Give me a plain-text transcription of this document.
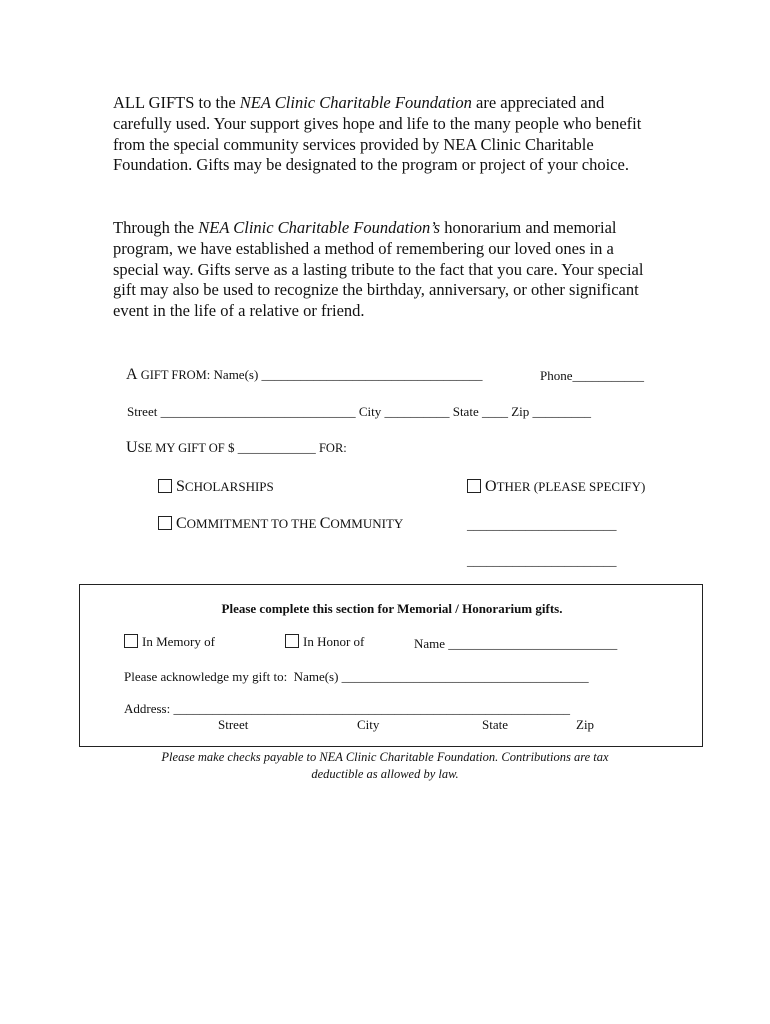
ALL GIFTS to the NEA Clinic Charitable Foundation are appreciated and carefully used. Your support gives hope and life to the many people who benefit from the special community services provided by NEA Clinic Charitable Foundation. Gifts may be designated to the program or project of your choice.
Through the NEA Clinic Charitable Foundation’s honorarium and memorial program, we have established a method of remembering our loved ones in a special way. Gifts serve as a lasting tribute to the fact that you care. Your special gift may also be used to recognize the birthday, anniversary, or other significant event in the life of a relative or friend.
A GIFT FROM: Name(s) __________________________________	Phone___________
Street ______________________________ City __________ State ____ Zip _________
USE MY GIFT OF $ ____________ FOR:
SCHOLARSHIPS
COMMITMENT TO THE COMMUNITY
OTHER (PLEASE SPECIFY)
_______________________
_______________________
Please complete this section for Memorial / Honorarium gifts.
In Memory of	In Honor of	Name __________________________
Please acknowledge my gift to:  Name(s) ______________________________________
Address: _____________________________________________________________
Street	City	State	Zip
Please make checks payable to NEA Clinic Charitable Foundation. Contributions are tax
deductible as allowed by law.
